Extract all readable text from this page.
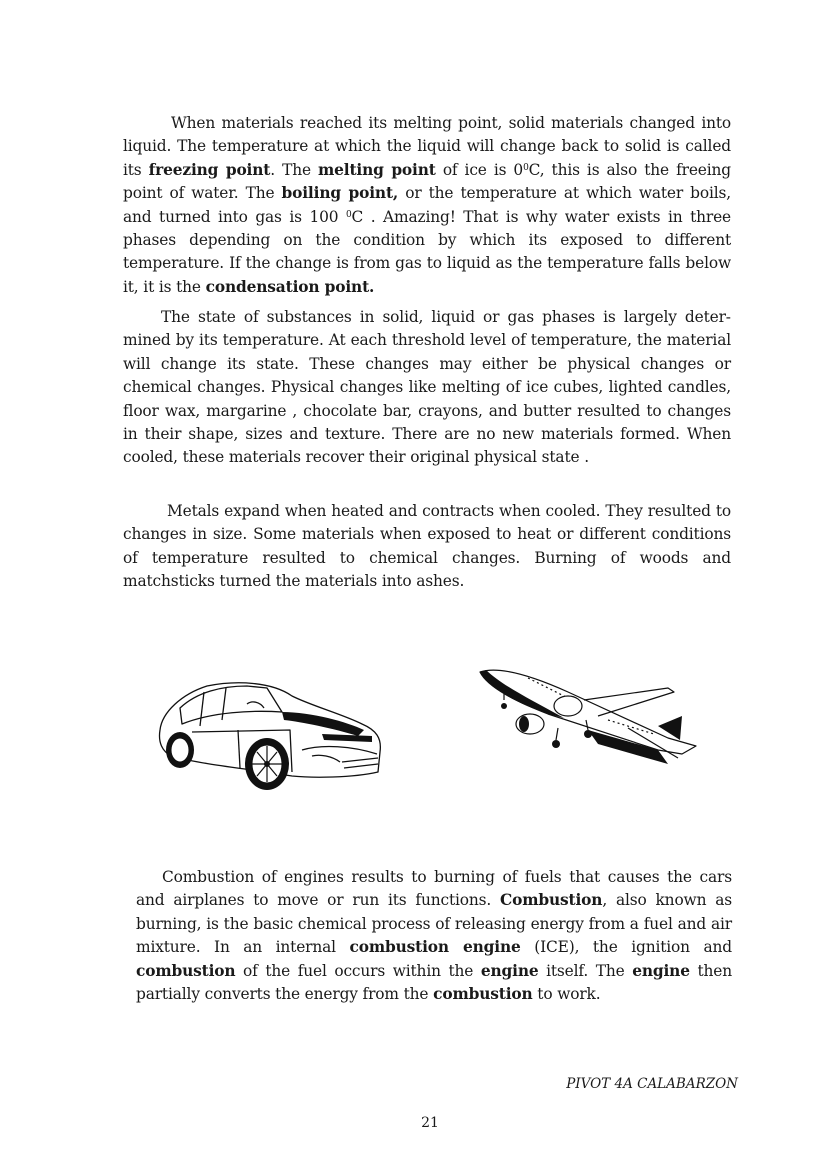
When materials reached its melting point, solid materials changed into liquid. The temperature at which the liquid will change back to solid is called its freezing point. The melting point of ice is $0^0C$, this is also the freeing point of water. The boiling point, or the temperature at which water boils, and turned into gas is 100 $^0$C . Amazing! That is why water exists in three phases depending on the condition by which its exposed to different temperature. If the change is from gas to liquid as the temperature falls below it, it is the condensation point.
The state of substances in solid, liquid or gas phases is largely determined by its temperature. At each threshold level of temperature, the material will change its state. These changes may either be physical changes or chemical changes. Physical changes like melting of ice cubes, lighted candles, floor wax, margarine , chocolate bar, crayons, and butter resulted to changes in their shape, sizes and texture. There are no new materials formed. When cooled, these materials recover their original physical state .
Metals expand when heated and contracts when cooled. They resulted to changes in size. Some materials when exposed to heat or different conditions of temperature resulted to chemical changes. Burning of woods and matchsticks turned the materials into ashes.
Combustion of engines results to burning of fuels that causes the cars and airplanes to move or run its functions. Combustion, also known as burning, is the basic chemical process of releasing energy from a fuel and air mixture. In an internal combustion engine (ICE), the ignition and combustion of the fuel occurs within the engine itself. The engine then partially converts the energy from the combustion to work.
PIVOT 4A CALABARZON
21
